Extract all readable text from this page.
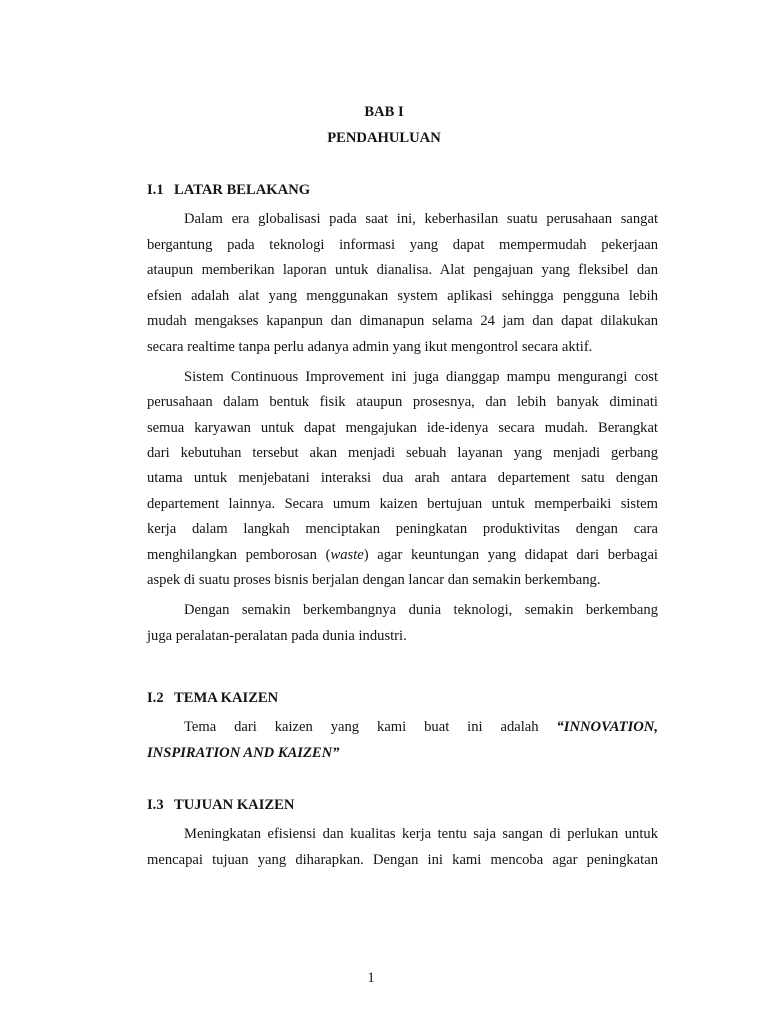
BAB I
PENDAHULUAN
I.1 LATAR BELAKANG
Dalam era globalisasi pada saat ini, keberhasilan suatu perusahaan sangat
bergantung pada teknologi informasi yang dapat mempermudah pekerjaan
ataupun memberikan laporan untuk dianalisa. Alat pengajuan yang fleksibel dan
efsien adalah alat yang menggunakan system aplikasi sehingga pengguna lebih
mudah mengakses kapanpun dan dimanapun selama 24 jam dan dapat dilakukan
secara realtime tanpa perlu adanya admin yang ikut mengontrol secara aktif.
Sistem Continuous Improvement ini juga dianggap mampu mengurangi cost
perusahaan dalam bentuk fisik ataupun prosesnya, dan lebih banyak diminati
semua karyawan untuk dapat mengajukan ide-idenya secara mudah. Berangkat
dari kebutuhan tersebut akan menjadi sebuah layanan yang menjadi gerbang
utama untuk menjebatani interaksi dua arah antara departement satu dengan
departement lainnya. Secara umum kaizen bertujuan untuk memperbaiki sistem
kerja dalam langkah menciptakan peningkatan produktivitas dengan cara
menghilangkan pemborosan (waste) agar keuntungan yang didapat dari berbagai
aspek di suatu proses bisnis berjalan dengan lancar dan semakin berkembang.
Dengan semakin berkembangnya dunia teknologi, semakin berkembang
juga peralatan-peralatan pada dunia industri.
I.2 TEMA KAIZEN
Tema dari kaizen yang kami buat ini adalah “INNOVATION,
INSPIRATION AND KAIZEN”
I.3 TUJUAN KAIZEN
Meningkatan efisiensi dan kualitas kerja tentu saja sangan di perlukan untuk
mencapai tujuan yang diharapkan. Dengan ini kami mencoba agar peningkatan
1
